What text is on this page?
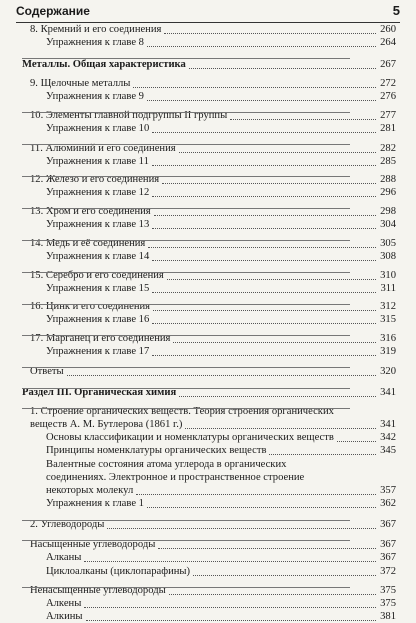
Содержание	5
8. Кремний и его соединения	260
Упражнения к главе 8	264
Металлы. Общая характеристика	267
9. Щелочные металлы	272
Упражнения к главе 9	276
10. Элементы главной подгруппы II группы	277
Упражнения к главе 10	281
11. Алюминий и его соединения	282
Упражнения к главе 11	285
12. Железо и его соединения	288
Упражнения к главе 12	296
13. Хром и его соединения	298
Упражнения к главе 13	304
14. Медь и её соединения	305
Упражнения к главе 14	308
15. Серебро и его соединения	310
Упражнения к главе 15	311
16. Цинк и его соединения	312
Упражнения к главе 16	315
17. Марганец и его соединения	316
Упражнения к главе 17	319
Ответы	320
Раздел III. Органическая химия	341
1. Строение органических веществ. Теория строения органических
веществ А. М. Бутлерова (1861 г.)	341
Основы классификации и номенклатуры органических веществ	342
Принципы номенклатуры органических веществ	345
Валентные состояния атома углерода в органических
соединениях. Электронное и пространственное строение
некоторых молекул	357
Упражнения к главе 1	362
2. Углеводороды	367
Насыщенные углеводороды	367
Алканы	367
Циклоалканы (циклопарафины)	372
Ненасыщенные углеводороды	375
Алкены	375
Алкины	381
